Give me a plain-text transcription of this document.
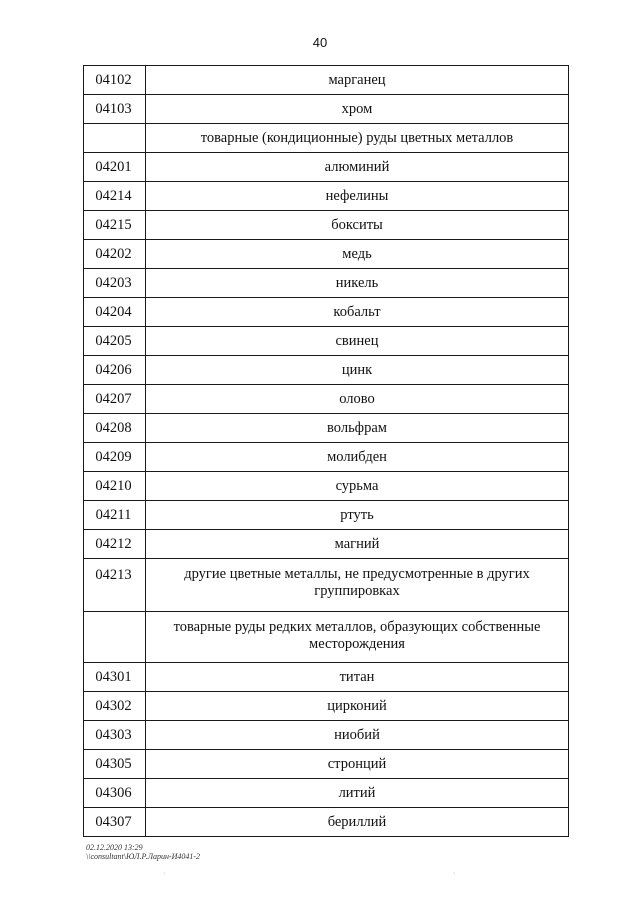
40
04102	марганец
04103	хром
	товарные (кондиционные) руды цветных металлов
04201	алюминий
04214	нефелины
04215	бокситы
04202	медь
04203	никель
04204	кобальт
04205	свинец
04206	цинк
04207	олово
04208	вольфрам
04209	молибден
04210	сурьма
04211	ртуть
04212	магний
04213	другие цветные металлы, не предусмотренные в других группировках
	товарные руды редких металлов, образующих собственные месторождения
04301	титан
04302	цирконий
04303	ниобий
04305	стронций
04306	литий
04307	бериллий
02.12.2020 13:29
\\consultant\ЮЛ.Р.Ларин-И4041-2
·	·
